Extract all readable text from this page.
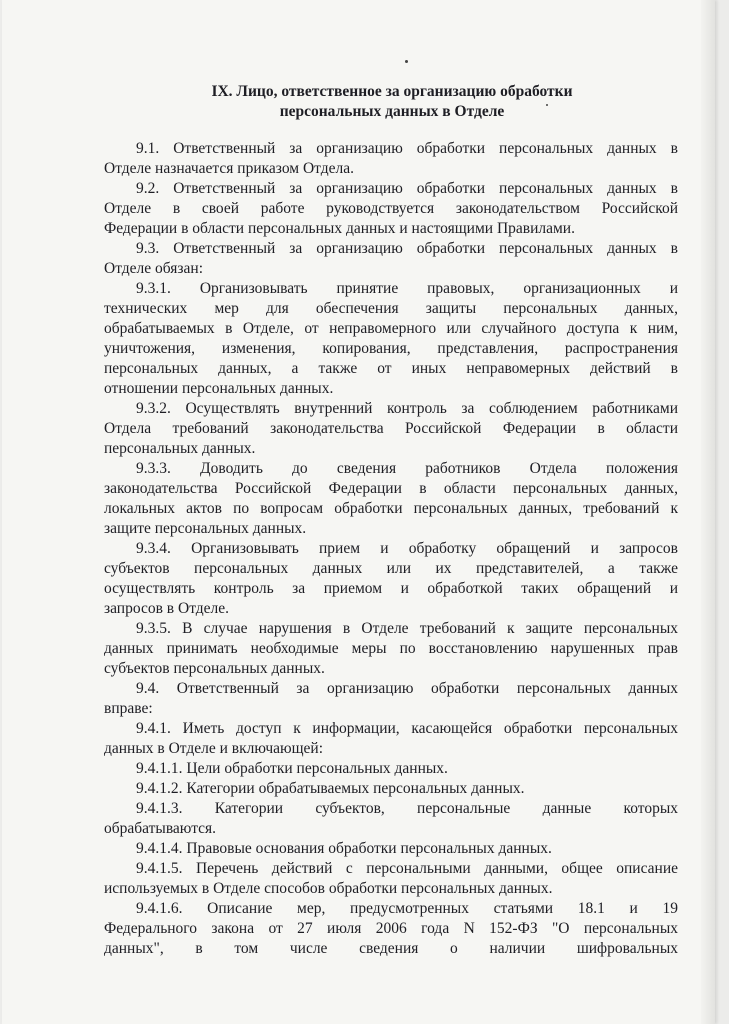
IX. Лицо, ответственное за организацию обработки
персональных данных в Отделе
9.1. Ответственный за организацию обработки персональных данных в
Отделе назначается приказом Отдела.
9.2. Ответственный за организацию обработки персональных данных в
Отделе в своей работе руководствуется законодательством Российской
Федерации в области персональных данных и настоящими Правилами.
9.3. Ответственный за организацию обработки персональных данных в
Отделе обязан:
9.3.1. Организовывать принятие правовых, организационных и
технических мер для обеспечения защиты персональных данных,
обрабатываемых в Отделе, от неправомерного или случайного доступа к ним,
уничтожения, изменения, копирования, представления, распространения
персональных данных, а также от иных неправомерных действий в
отношении персональных данных.
9.3.2. Осуществлять внутренний контроль за соблюдением работниками
Отдела требований законодательства Российской Федерации в области
персональных данных.
9.3.3. Доводить до сведения работников Отдела положения
законодательства Российской Федерации в области персональных данных,
локальных актов по вопросам обработки персональных данных, требований к
защите персональных данных.
9.3.4. Организовывать прием и обработку обращений и запросов
субъектов персональных данных или их представителей, а также
осуществлять контроль за приемом и обработкой таких обращений и
запросов в Отделе.
9.3.5. В случае нарушения в Отделе требований к защите персональных
данных принимать необходимые меры по восстановлению нарушенных прав
субъектов персональных данных.
9.4. Ответственный за организацию обработки персональных данных
вправе:
9.4.1. Иметь доступ к информации, касающейся обработки персональных
данных в Отделе и включающей:
9.4.1.1. Цели обработки персональных данных.
9.4.1.2. Категории обрабатываемых персональных данных.
9.4.1.3. Категории субъектов, персональные данные которых
обрабатываются.
9.4.1.4. Правовые основания обработки персональных данных.
9.4.1.5. Перечень действий с персональными данными, общее описание
используемых в Отделе способов обработки персональных данных.
9.4.1.6. Описание мер, предусмотренных статьями 18.1 и 19
Федерального закона от 27 июля 2006 года N 152-ФЗ "О персональных
данных", в том числе сведения о наличии шифровальных
